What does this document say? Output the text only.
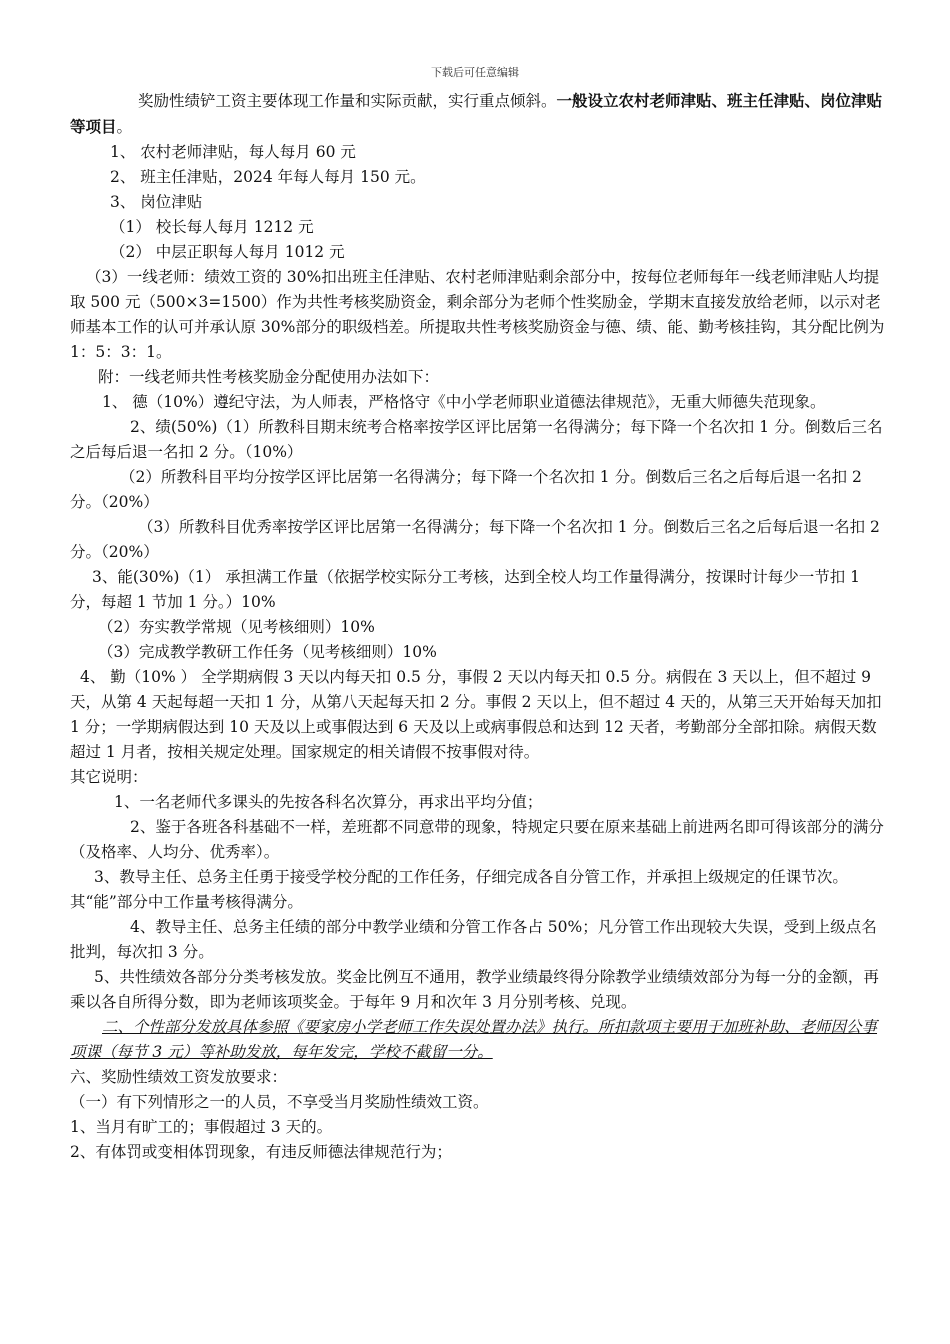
下载后可任意编辑

奖励性绩铲工资主要体现工作量和实际贡献，实行重点倾斜。一般设立农村老师津贴、班主任津贴、岗位津贴等项目。

1、 农村老师津贴，每人每月 60 元

2、 班主任津贴，2024 年每人每月 150 元。

3、 岗位津贴

（1） 校长每人每月 1212 元

（2） 中层正职每人每月 1012 元

（3）一线老师：绩效工资的 30%扣出班主任津贴、农村老师津贴剩余部分中，按每位老师每年一线老师津贴人均提取 500 元（500×3=1500）作为共性考核奖励资金，剩余部分为老师个性奖励金，学期末直接发放给老师，以示对老师基本工作的认可并承认原 30%部分的职级档差。所提取共性考核奖励资金与德、绩、能、勤考核挂钩，其分配比例为 1：5：3：1。

附：一线老师共性考核奖励金分配使用办法如下：

1、 德（10%）遵纪守法，为人师表，严格恪守《中小学老师职业道德法律规范》，无重大师德失范现象。

2、绩(50%)（1）所教科目期末统考合格率按学区评比居第一名得满分；每下降一个名次扣 1 分。倒数后三名之后每后退一名扣 2 分。（10%）

（2）所教科目平均分按学区评比居第一名得满分；每下降一个名次扣 1 分。倒数后三名之后每后退一名扣 2 分。（20%）

（3）所教科目优秀率按学区评比居第一名得满分；每下降一个名次扣 1 分。倒数后三名之后每后退一名扣 2 分。（20%）

3、能(30%)（1） 承担满工作量（依据学校实际分工考核，达到全校人均工作量得满分，按课时计每少一节扣 1 分，每超 1 节加 1 分。）10%

（2）夯实教学常规（见考核细则）10%

（3）完成教学教研工作任务（见考核细则）10%

4、 勤（10% ） 全学期病假 3 天以内每天扣 0.5 分，事假 2 天以内每天扣 0.5 分。病假在 3 天以上，但不超过 9 天，从第 4 天起每超一天扣 1 分，从第八天起每天扣 2 分。事假 2 天以上，但不超过 4 天的，从第三天开始每天加扣 1 分；一学期病假达到 10 天及以上或事假达到 6 天及以上或病事假总和达到 12 天者，考勤部分全部扣除。病假天数超过 1 月者，按相关规定处理。国家规定的相关请假不按事假对待。

其它说明：

1、一名老师代多课头的先按各科名次算分，再求出平均分值；

2、鉴于各班各科基础不一样，差班都不同意带的现象，特规定只要在原来基础上前进两名即可得该部分的满分（及格率、人均分、优秀率）。

3、教导主任、总务主任勇于接受学校分配的工作任务，仔细完成各自分管工作，并承担上级规定的任课节次。其“能”部分中工作量考核得满分。

4、教导主任、总务主任绩的部分中教学业绩和分管工作各占 50%；凡分管工作出现较大失误，受到上级点名批判，每次扣 3 分。

5、共性绩效各部分分类考核发放。奖金比例互不通用，教学业绩最终得分除教学业绩绩效部分为每一分的金额，再乘以各自所得分数，即为老师该项奖金。于每年 9 月和次年 3 月分别考核、兑现。

二、个性部分发放具体参照《要家房小学老师工作失误处置办法》执行。所扣款项主要用于加班补助、老师因公事项课（每节 3 元）等补助发放，每年发完，学校不截留一分。

六、奖励性绩效工资发放要求：

（一）有下列情形之一的人员，不享受当月奖励性绩效工资。

1、当月有旷工的；事假超过 3 天的。

2、有体罚或变相体罚现象，有违反师德法律规范行为；
